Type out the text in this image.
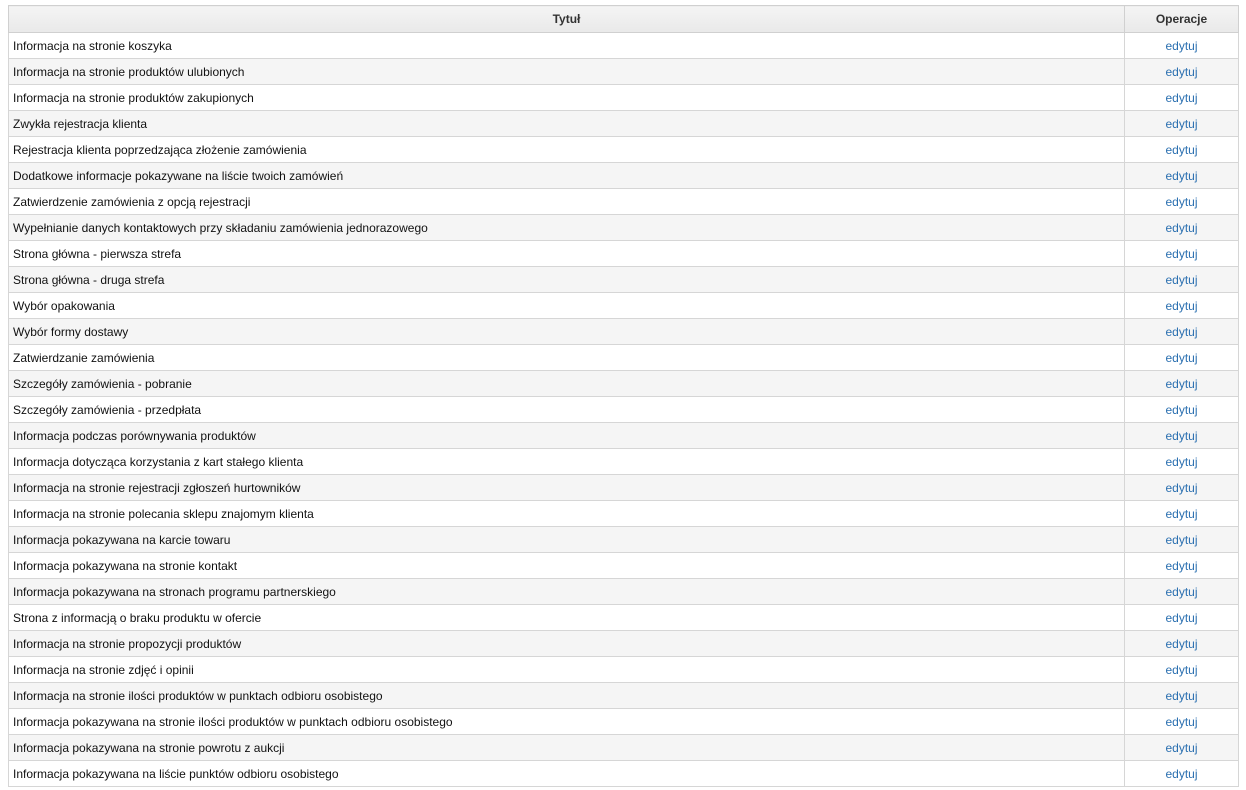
Tytuł	Operacje
Informacja na stronie koszyka	edytuj
Informacja na stronie produktów ulubionych	edytuj
Informacja na stronie produktów zakupionych	edytuj
Zwykła rejestracja klienta	edytuj
Rejestracja klienta poprzedzająca złożenie zamówienia	edytuj
Dodatkowe informacje pokazywane na liście twoich zamówień	edytuj
Zatwierdzenie zamówienia z opcją rejestracji	edytuj
Wypełnianie danych kontaktowych przy składaniu zamówienia jednorazowego	edytuj
Strona główna - pierwsza strefa	edytuj
Strona główna - druga strefa	edytuj
Wybór opakowania	edytuj
Wybór formy dostawy	edytuj
Zatwierdzanie zamówienia	edytuj
Szczegóły zamówienia - pobranie	edytuj
Szczegóły zamówienia - przedpłata	edytuj
Informacja podczas porównywania produktów	edytuj
Informacja dotycząca korzystania z kart stałego klienta	edytuj
Informacja na stronie rejestracji zgłoszeń hurtowników	edytuj
Informacja na stronie polecania sklepu znajomym klienta	edytuj
Informacja pokazywana na karcie towaru	edytuj
Informacja pokazywana na stronie kontakt	edytuj
Informacja pokazywana na stronach programu partnerskiego	edytuj
Strona z informacją o braku produktu w ofercie	edytuj
Informacja na stronie propozycji produktów	edytuj
Informacja na stronie zdjęć i opinii	edytuj
Informacja na stronie ilości produktów w punktach odbioru osobistego	edytuj
Informacja pokazywana na stronie ilości produktów w punktach odbioru osobistego	edytuj
Informacja pokazywana na stronie powrotu z aukcji	edytuj
Informacja pokazywana na liście punktów odbioru osobistego	edytuj
